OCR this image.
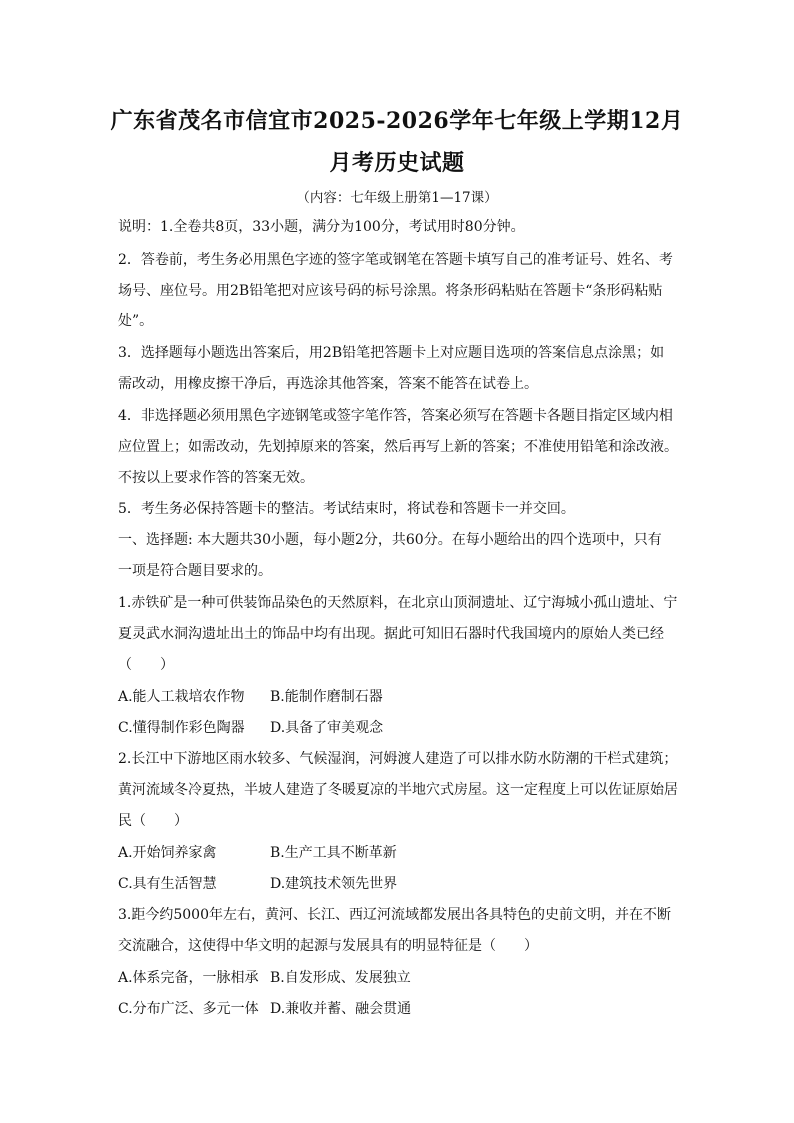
广东省茂名市信宜市2025-2026学年七年级上学期12月
月考历史试题
（内容：七年级上册第1—17课）
说明：1.全卷共8页，33小题，满分为100分，考试用时80分钟。
2．答卷前，考生务必用黑色字迹的签字笔或钢笔在答题卡填写自己的准考证号、姓名、考
场号、座位号。用2B铅笔把对应该号码的标号涂黑。将条形码粘贴在答题卡“条形码粘贴
处”。
3．选择题每小题选出答案后，用2B铅笔把答题卡上对应题目选项的答案信息点涂黑；如
需改动，用橡皮擦干净后，再选涂其他答案，答案不能答在试卷上。
4．非选择题必须用黑色字迹钢笔或签字笔作答，答案必须写在答题卡各题目指定区域内相
应位置上；如需改动，先划掉原来的答案，然后再写上新的答案；不准使用铅笔和涂改液。
不按以上要求作答的答案无效。
5．考生务必保持答题卡的整洁。考试结束时，将试卷和答题卡一并交回。
一、选择题: 本大题共30小题，每小题2分，共60分。在每小题给出的四个选项中，只有
一项是符合题目要求的。
1.赤铁矿是一种可供装饰品染色的天然原料，在北京山顶洞遗址、辽宁海城小孤山遗址、宁
夏灵武水洞沟遗址出土的饰品中均有出现。据此可知旧石器时代我国境内的原始人类已经
（　　）
A.能人工栽培农作物 B.能制作磨制石器
C.懂得制作彩色陶器 D.具备了审美观念
2.长江中下游地区雨水较多、气候湿润，河姆渡人建造了可以排水防水防潮的干栏式建筑；
黄河流域冬冷夏热，半坡人建造了冬暖夏凉的半地穴式房屋。这一定程度上可以佐证原始居
民（　　）
A.开始饲养家禽	B.生产工具不断革新
C.具有生活智慧	D.建筑技术领先世界
3.距今约5000年左右，黄河、长江、西辽河流域都发展出各具特色的史前文明，并在不断
交流融合，这使得中华文明的起源与发展具有的明显特征是（　　）
A.体系完备，一脉相承 B.自发形成、发展独立
C.分布广泛、多元一体 D.兼收并蓄、融会贯通
